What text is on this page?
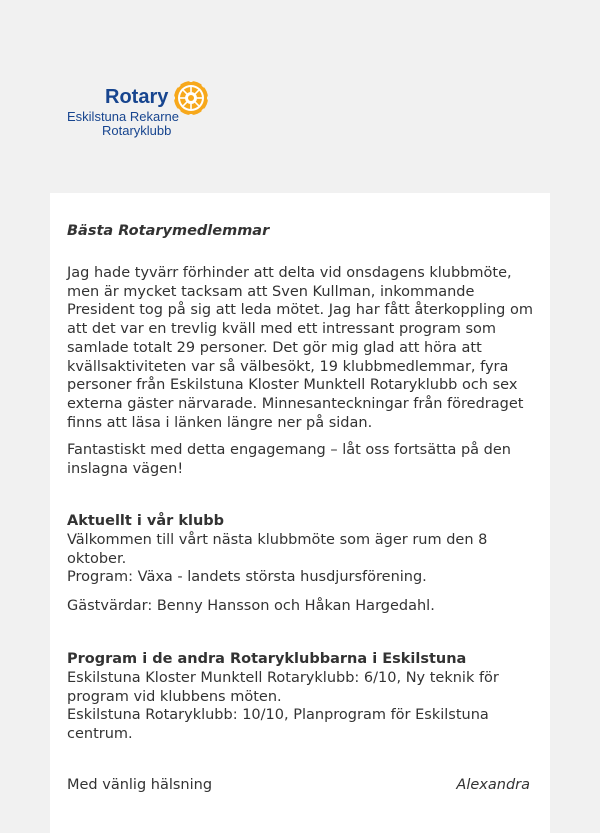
Rotary
Eskilstuna Rekarne
Rotaryklubb
Bästa Rotarymedlemmar

Jag hade tyvärr förhinder att delta vid onsdagens klubbmöte, men är mycket tacksam att Sven Kullman, inkommande President tog på sig att leda mötet. Jag har fått återkoppling om att det var en trevlig kväll med ett intressant program som samlade totalt 29 personer. Det gör mig glad att höra att kvällsaktiviteten var så välbesökt, 19 klubbmedlemmar, fyra personer från Eskilstuna Kloster Munktell Rotaryklubb och sex externa gäster närvarade. Minnesanteckningar från föredraget finns att läsa i länken längre ner på sidan.

Fantastiskt med detta engagemang – låt oss fortsätta på den inslagna vägen!

Aktuellt i vår klubb

Välkommen till vårt nästa klubbmöte som äger rum den 8 oktober.

Program: Växa - landets största husdjursförening.

Gästvärdar: Benny Hansson och Håkan Hargedahl.

Program i de andra Rotaryklubbarna i Eskilstuna

Eskilstuna Kloster Munktell Rotaryklubb: 6/10, Ny teknik för program vid klubbens möten.

Eskilstuna Rotaryklubb: 10/10, Planprogram för Eskilstuna centrum.

Med vänlig hälsning	Alexandra
